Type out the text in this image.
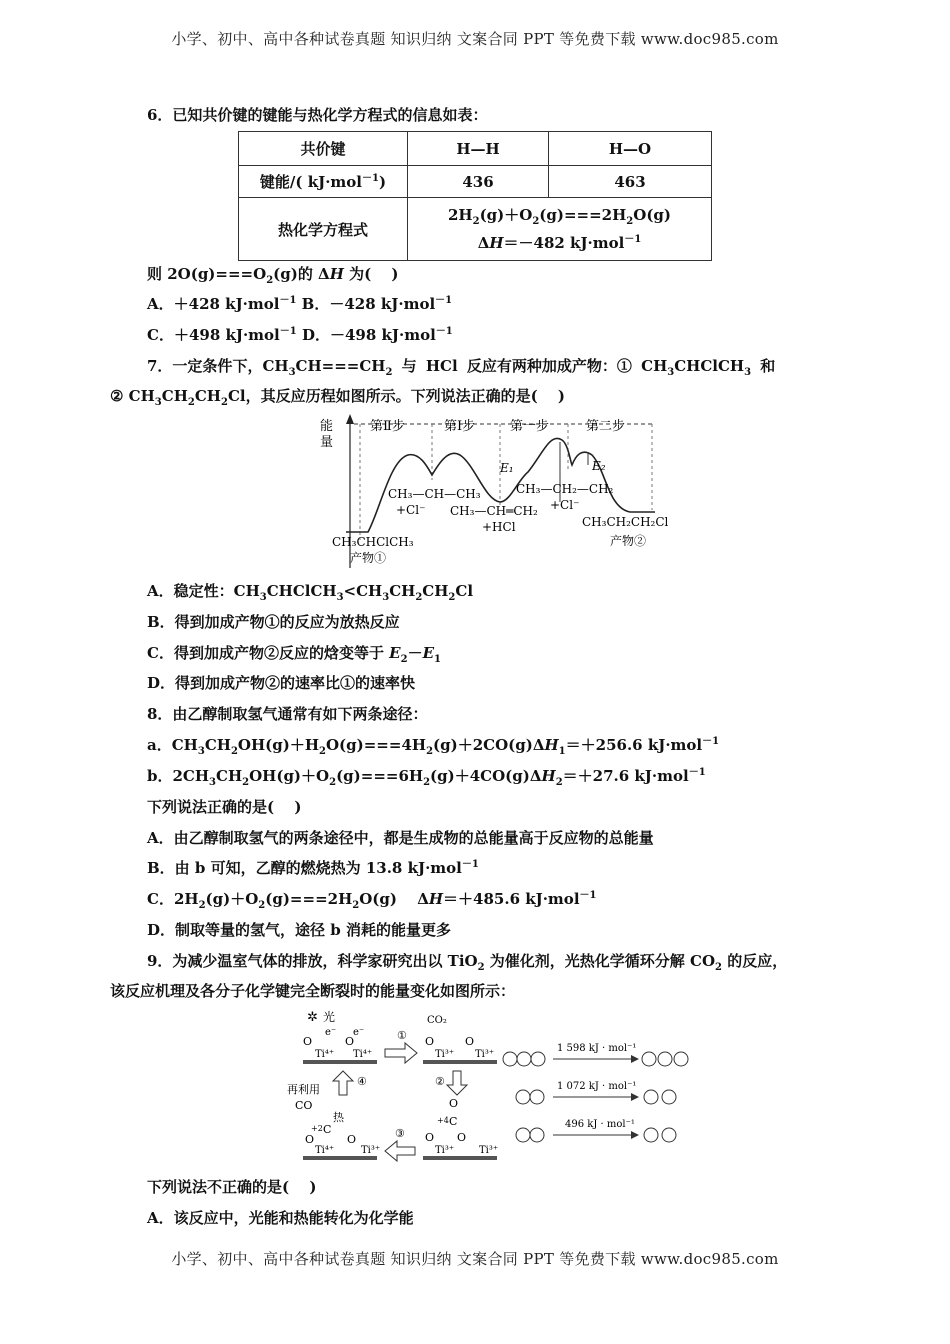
小学、初中、高中各种试卷真题 知识归纳 文案合同 PPT 等免费下载 www.doc985.com
6．已知共价键的键能与热化学方程式的信息如表：
共价键	H—H	H—O
键能/( kJ·mol$^{-1}$)	436	463
热化学方程式	$2H_2(g)+O_2(g)===2H_2O(g)$
ΔH＝－482 kJ·mol$^{-1}$
则 $2O(g)===O_2(g)$的 ΔH 为(　 )
A．＋428 kJ·mol$^{-1}$ B．－428 kJ·mol$^{-1}$
C．＋498 kJ·mol$^{-1}$ D．－498 kJ·mol$^{-1}$
7．一定条件下，$CH_3CH===CH_2$ 与 HCl 反应有两种加成产物：① $CH_3CHClCH_3$ 和
② $CH_3CH_2CH_2Cl$，其反应历程如图所示。下列说法正确的是(　 )
能
量
第Ⅱ步	第Ⅰ步	第一步	第二步
E₁	E₂
CH₃—CH—CH₃
+Cl⁻ CH₃—CH═CH₂
+HCl
CH₃—CH₂—CH₂
+Cl⁻
CH₃CHClCH₃
产物①
CH₃CH₂CH₂Cl
产物②
A．稳定性：$CH_3CHClCH_3<CH_3CH_2CH_2Cl$
B．得到加成产物①的反应为放热反应
C．得到加成产物②反应的焓变等于 $E_2-E_1$
D．得到加成产物②的速率比①的速率快
8．由乙醇制取氢气通常有如下两条途径：
a．$CH_3CH_2OH(g)+H_2O(g)===4H_2(g)+2CO(g)\Delta H_1=+256.6$ kJ·mol$^{-1}$
b．$2CH_3CH_2OH(g)+O_2(g)===6H_2(g)+4CO(g)\Delta H_2=+27.6$ kJ·mol$^{-1}$
下列说法正确的是(　 )
A．由乙醇制取氢气的两条途径中，都是生成物的总能量高于反应物的总能量
B．由 b 可知，乙醇的燃烧热为 13.8 kJ·mol$^{-1}$
C．$2H_2(g)+O_2(g)===2H_2O(g)$　 ΔH＝＋485.6 kJ·mol$^{-1}$
D．制取等量的氢气，途径 b 消耗的能量更多
9．为减少温室气体的排放，科学家研究出以 TiO$_2$ 为催化剂，光热化学循环分解 $CO_2$ 的反应，
该反应机理及各分子化学键完全断裂时的能量变化如图所示：
✲ 光
e⁻ e⁻
O	O
Ti⁴⁺ Ti⁴⁺
①
CO₂
O	O
Ti³⁺ Ti³⁺
②
O
+4 C
O O
Ti³⁺ Ti³⁺
③
再利用
CO
热
+2 C
O	O
Ti⁴⁺	Ti³⁺
④
1 598 kJ · mol⁻¹
1 072 kJ · mol⁻¹
496 kJ · mol⁻¹
下列说法不正确的是(　 )
A．该反应中，光能和热能转化为化学能
小学、初中、高中各种试卷真题 知识归纳 文案合同 PPT 等免费下载 www.doc985.com
